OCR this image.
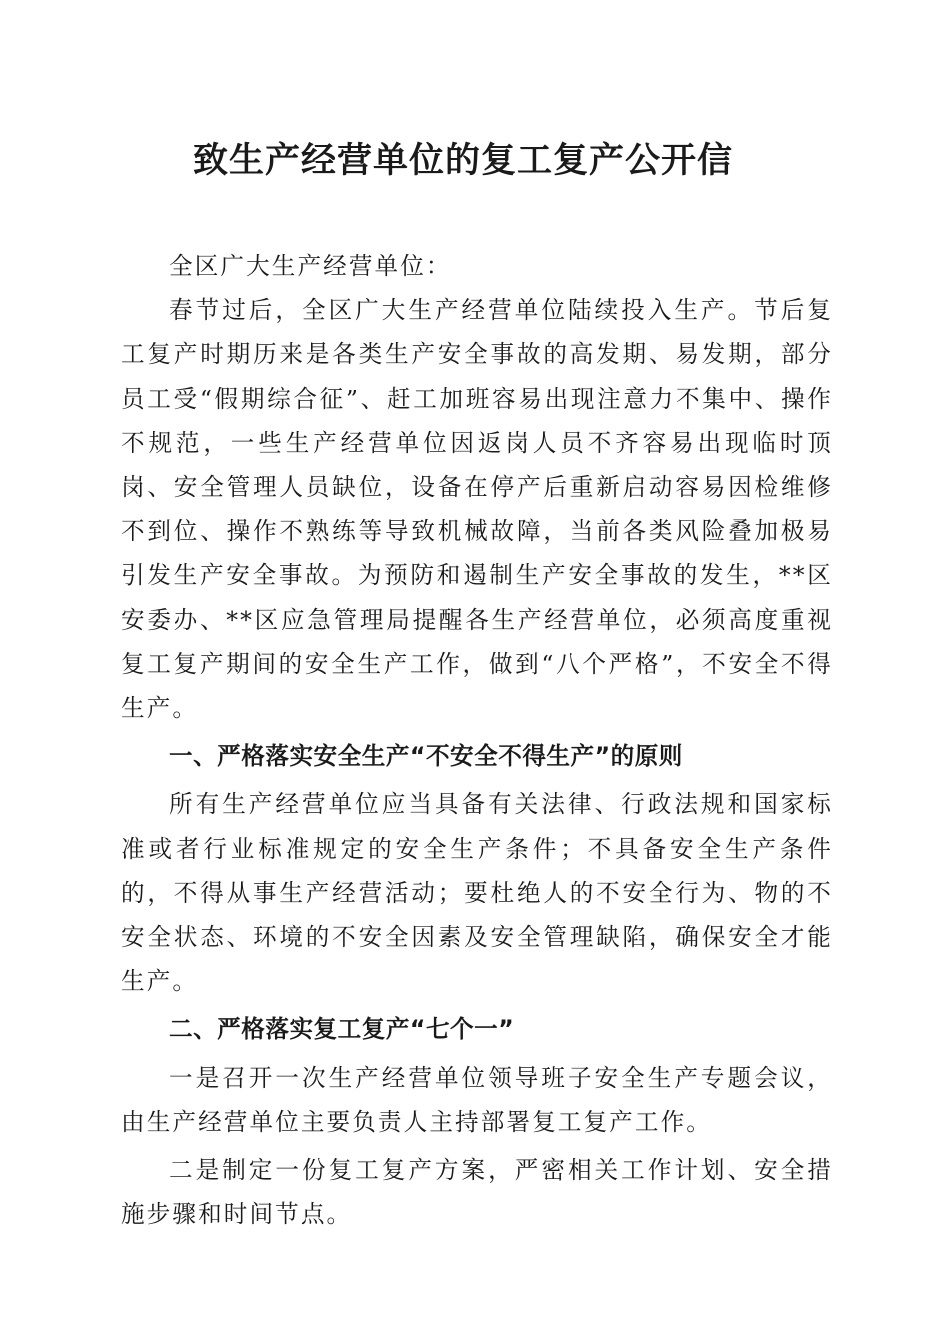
致生产经营单位的复工复产公开信

全区广大生产经营单位：

春节过后，全区广大生产经营单位陆续投入生产。节后复工复产时期历来是各类生产安全事故的高发期、易发期，部分员工受“假期综合征”、赶工加班容易出现注意力不集中、操作不规范，一些生产经营单位因返岗人员不齐容易出现临时顶岗、安全管理人员缺位，设备在停产后重新启动容易因检维修不到位、操作不熟练等导致机械故障，当前各类风险叠加极易引发生产安全事故。为预防和遏制生产安全事故的发生，**区安委办、**区应急管理局提醒各生产经营单位，必须高度重视复工复产期间的安全生产工作，做到“八个严格”，不安全不得生产。

一、严格落实安全生产“不安全不得生产”的原则

所有生产经营单位应当具备有关法律、行政法规和国家标准或者行业标准规定的安全生产条件；不具备安全生产条件的，不得从事生产经营活动；要杜绝人的不安全行为、物的不安全状态、环境的不安全因素及安全管理缺陷，确保安全才能生产。

二、严格落实复工复产“七个一”

一是召开一次生产经营单位领导班子安全生产专题会议，由生产经营单位主要负责人主持部署复工复产工作。

二是制定一份复工复产方案，严密相关工作计划、安全措施步骤和时间节点。
